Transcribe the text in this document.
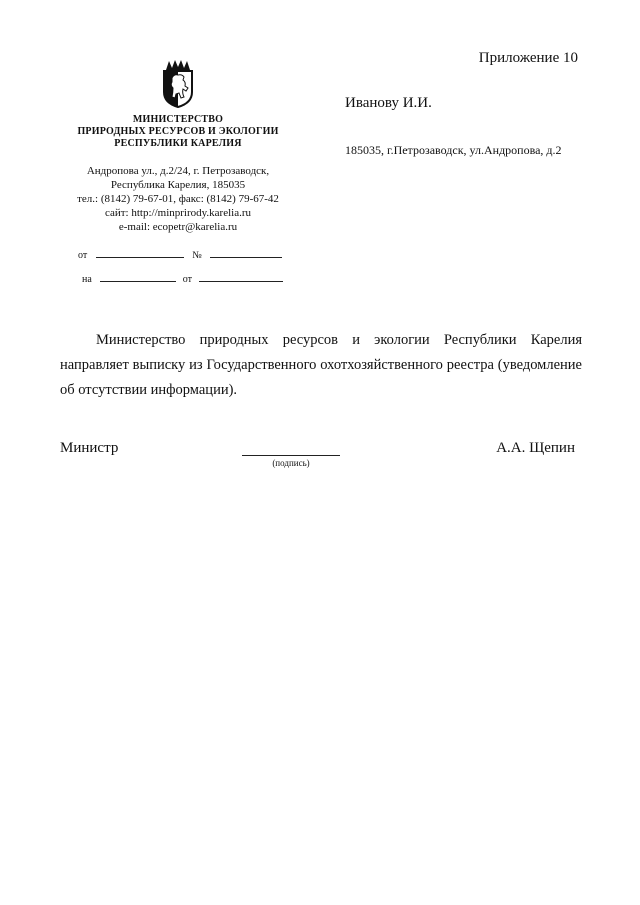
Приложение 10
МИНИСТЕРСТВО
ПРИРОДНЫХ РЕСУРСОВ И ЭКОЛОГИИ
РЕСПУБЛИКИ КАРЕЛИЯ
Андропова ул., д.2/24, г. Петрозаводск,
Республика Карелия, 185035
тел.: (8142) 79-67-01, факс: (8142) 79-67-42
сайт: http://minprirody.karelia.ru
e-mail: ecopetr@karelia.ru
от	№
на	от
Иванову И.И.
185035, г.Петрозаводск, ул.Андропова, д.2
Министерство природных ресурсов и экологии Республики Карелия направляет выписку из Государственного охотхозяйственного реестра (уведомление об отсутствии информации).
Министр
(подпись)
А.А. Щепин
